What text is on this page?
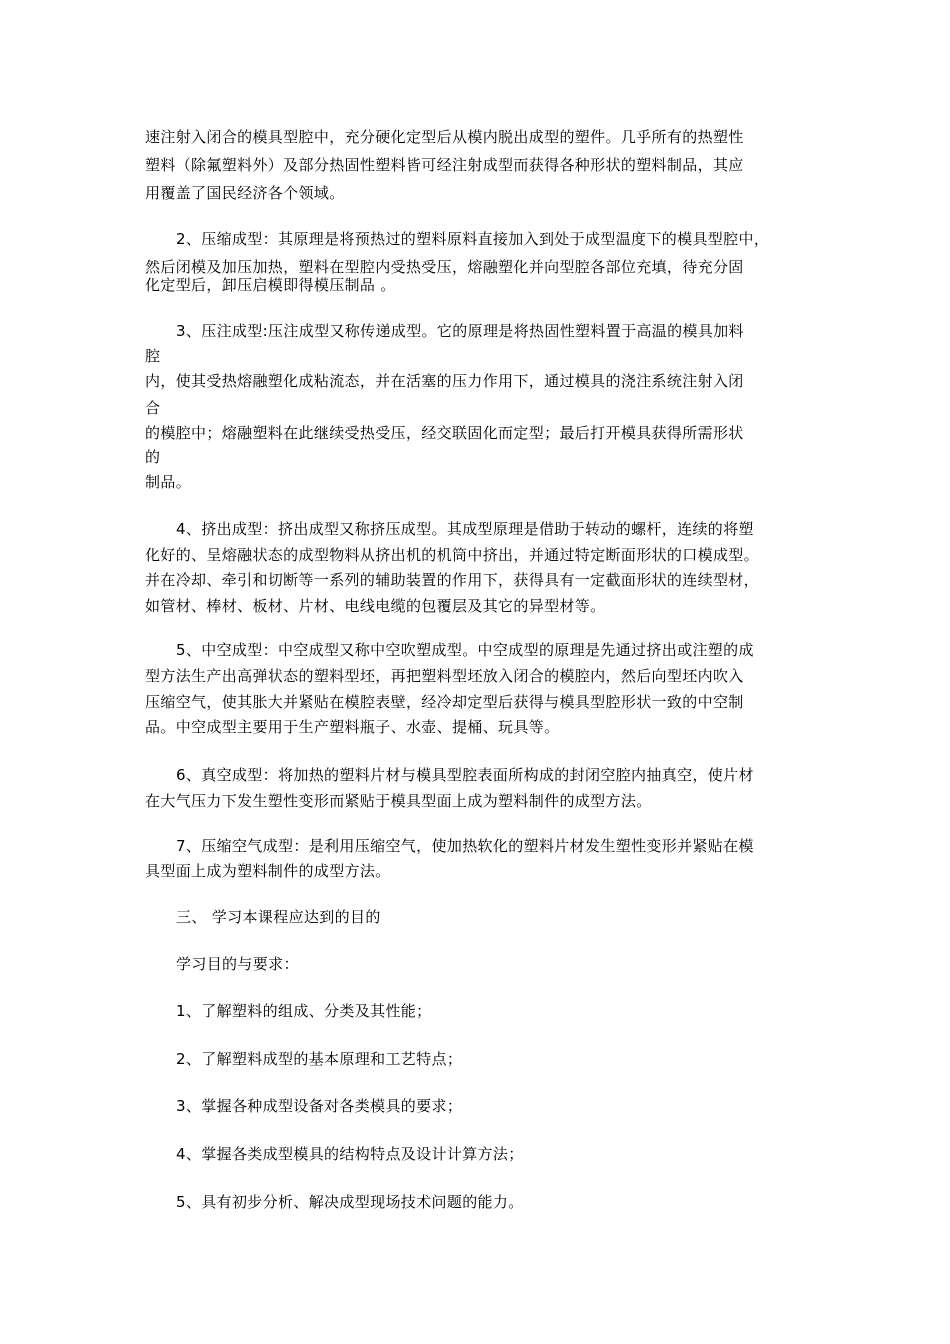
速注射入闭合的模具型腔中，充分硬化定型后从模内脱出成型的塑件。几乎所有的热塑性
塑料（除氟塑料外）及部分热固性塑料皆可经注射成型而获得各种形状的塑料制品，其应
用覆盖了国民经济各个领域。
2、压缩成型：其原理是将预热过的塑料原料直接加入到处于成型温度下的模具型腔中，
然后闭模及加压加热，塑料在型腔内受热受压，熔融塑化并向型腔各部位充填，待充分固
化定型后，卸压启模即得模压制品 。
3、压注成型:压注成型又称传递成型。它的原理是将热固性塑料置于高温的模具加料
腔
内，使其受热熔融塑化成粘流态，并在活塞的压力作用下，通过模具的浇注系统注射入闭
合
的模腔中；熔融塑料在此继续受热受压，经交联固化而定型；最后打开模具获得所需形状
的
制品。
4、挤出成型：挤出成型又称挤压成型。其成型原理是借助于转动的螺杆，连续的将塑
化好的、呈熔融状态的成型物料从挤出机的机筒中挤出，并通过特定断面形状的口模成型。
并在冷却、牵引和切断等一系列的辅助装置的作用下，获得具有一定截面形状的连续型材，
如管材、棒材、板材、片材、电线电缆的包覆层及其它的异型材等。
5、中空成型：中空成型又称中空吹塑成型。中空成型的原理是先通过挤出或注塑的成
型方法生产出高弹状态的塑料型坯，再把塑料型坯放入闭合的模腔内，然后向型坯内吹入
压缩空气，使其胀大并紧贴在模腔表壁，经冷却定型后获得与模具型腔形状一致的中空制
品。中空成型主要用于生产塑料瓶子、水壶、提桶、玩具等。
6、真空成型：将加热的塑料片材与模具型腔表面所构成的封闭空腔内抽真空，使片材
在大气压力下发生塑性变形而紧贴于模具型面上成为塑料制件的成型方法。
7、压缩空气成型：是利用压缩空气，使加热软化的塑料片材发生塑性变形并紧贴在模
具型面上成为塑料制件的成型方法。
三、 学习本课程应达到的目的
学习目的与要求：
1、了解塑料的组成、分类及其性能；
2、了解塑料成型的基本原理和工艺特点；
3、掌握各种成型设备对各类模具的要求；
4、掌握各类成型模具的结构特点及设计计算方法；
5、具有初步分析、解决成型现场技术问题的能力。
